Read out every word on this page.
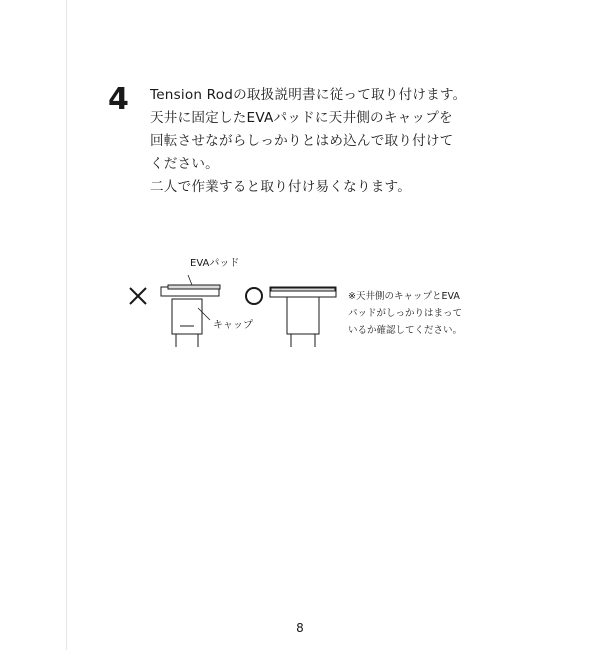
4 Tension Rodの取扱説明書に従って取り付けます。
天井に固定したEVAパッドに天井側のキャップを
回転させながらしっかりとはめ込んで取り付けて
ください。
二人で作業すると取り付け易くなります。
EVAパッド
キャップ
※天井側のキャップとEVA
パッドがしっかりはまって
いるか確認してください。
8
